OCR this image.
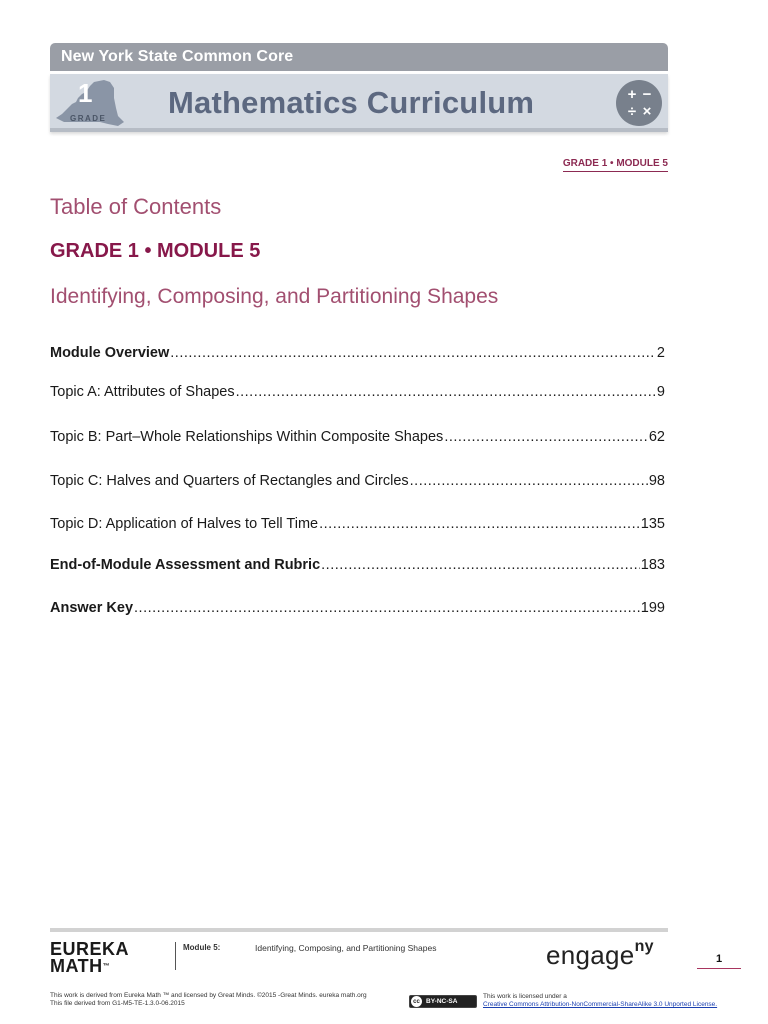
New York State Common Core
1
GRADE Mathematics Curriculum	+ −
÷ ×
GRADE 1 • MODULE 5
Table of Contents
GRADE 1 • MODULE 5
Identifying, Composing, and Partitioning Shapes
Module Overview .....	2
Topic A: Attributes of Shapes .....	9
Topic B: Part–Whole Relationships Within Composite Shapes .....	62
Topic C: Halves and Quarters of Rectangles and Circles .....	98
Topic D: Application of Halves to Tell Time .....	135
End-of-Module Assessment and Rubric .....	183
Answer Key .....	199
EUREKA
MATH™
Module 5:	Identifying, Composing, and Partitioning Shapes	engage$^{ny}$
1
This work is derived from Eureka Math ™ and licensed by Great Minds. ©2015 -Great Minds. eureka math.org This file derived from G1-M5-TE-1.3.0-06.2015	cc BY-NC-SA
This work is licensed under a
Creative Commons Attribution-NonCommercial-ShareAlike 3.0 Unported License.
